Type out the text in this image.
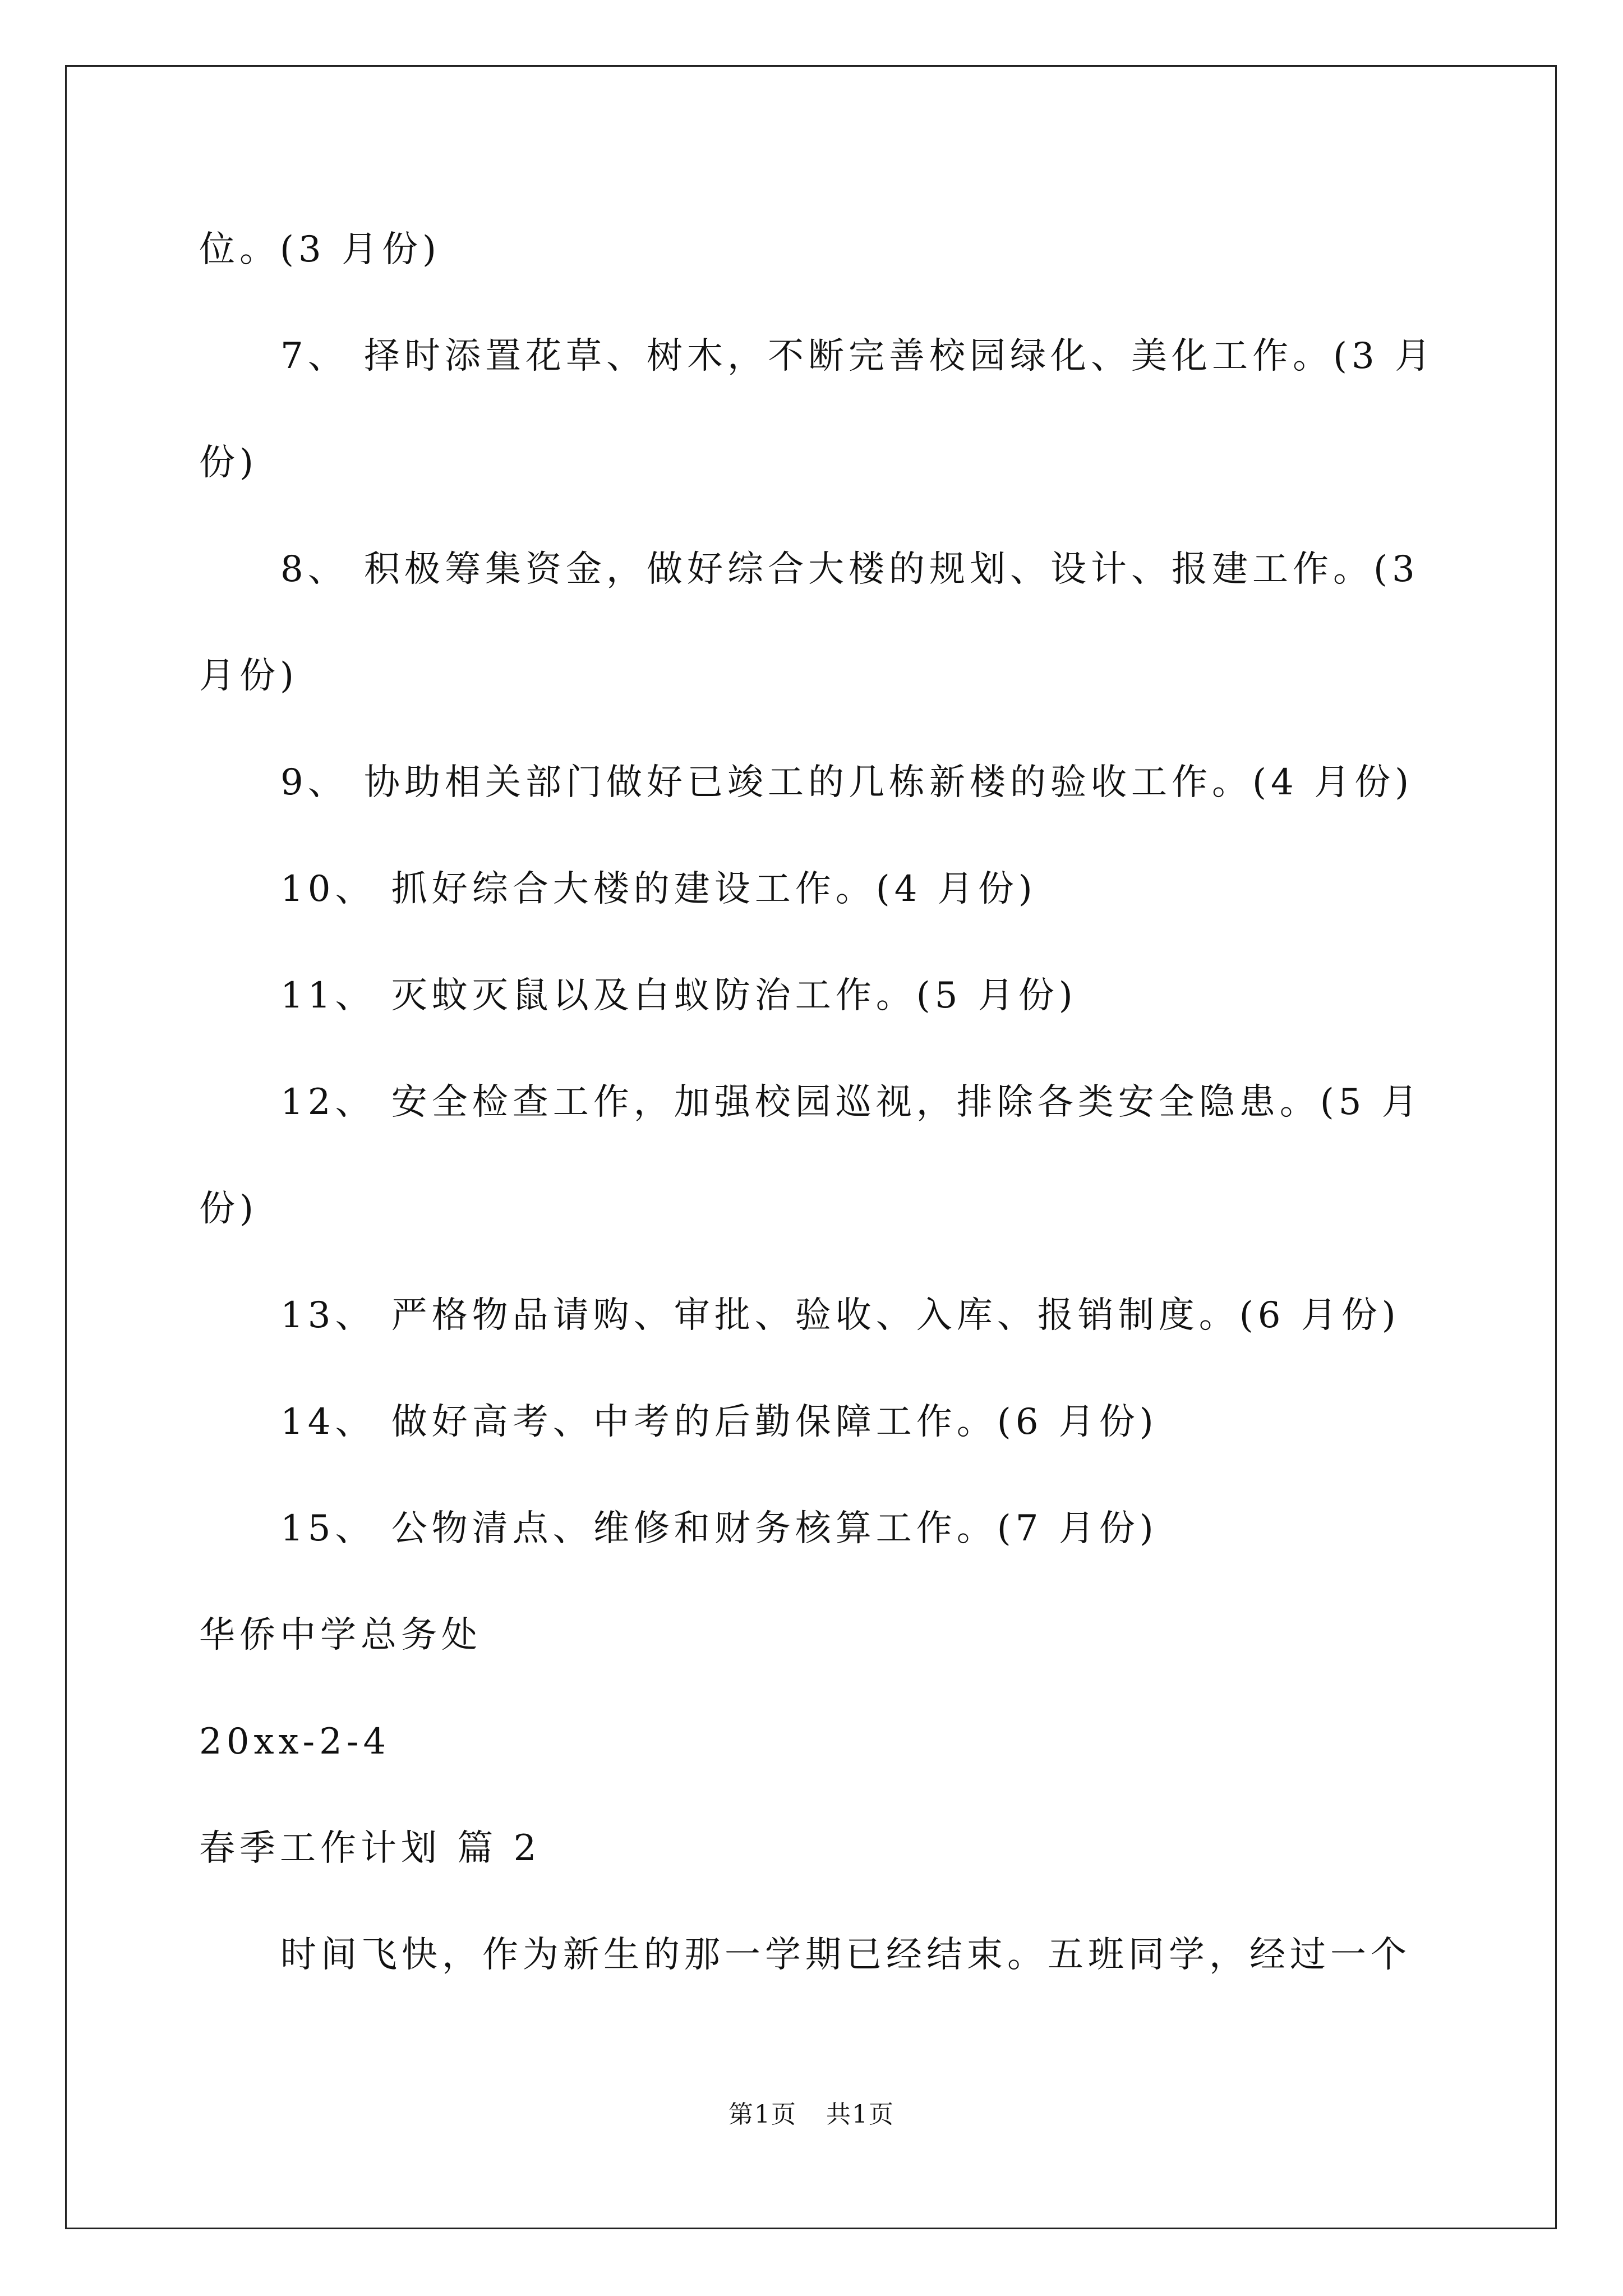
位。(3 月份)
7、 择时添置花草、树木，不断完善校园绿化、美化工作。(3 月
份)
8、 积极筹集资金，做好综合大楼的规划、设计、报建工作。(3
月份)
9、 协助相关部门做好已竣工的几栋新楼的验收工作。(4 月份)
10、 抓好综合大楼的建设工作。(4 月份)
11、 灭蚊灭鼠以及白蚁防治工作。(5 月份)
12、 安全检查工作，加强校园巡视，排除各类安全隐患。(5 月
份)
13、 严格物品请购、审批、验收、入库、报销制度。(6 月份)
14、 做好高考、中考的后勤保障工作。(6 月份)
15、 公物清点、维修和财务核算工作。(7 月份)
华侨中学总务处
20xx-2-4
春季工作计划 篇 2
时间飞快，作为新生的那一学期已经结束。五班同学，经过一个
第1页 共1页
